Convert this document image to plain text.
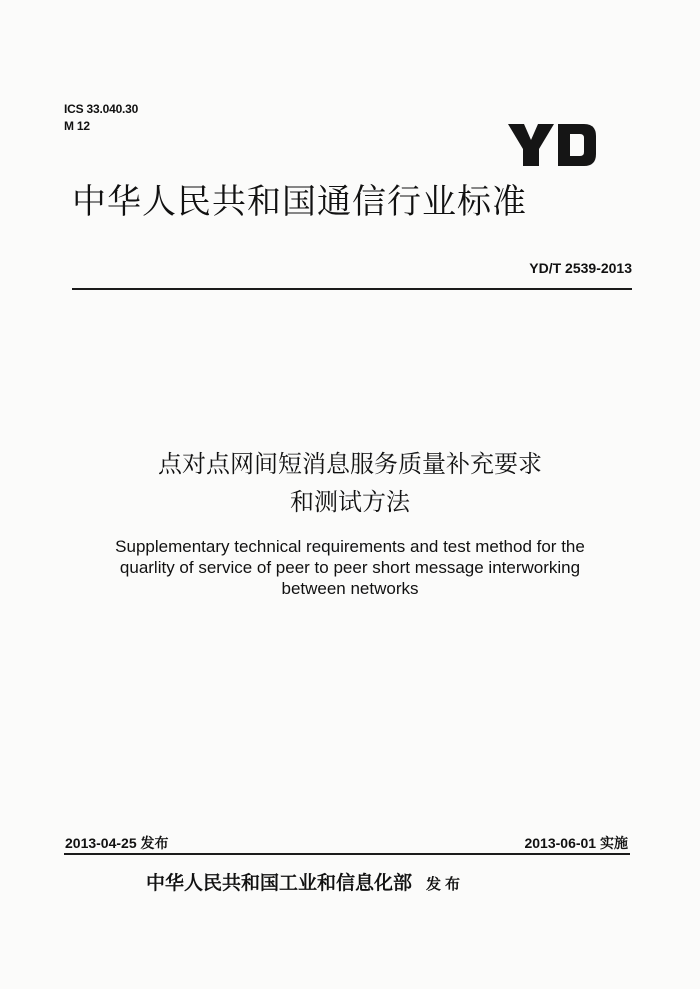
ICS 33.040.30
M 12
中华人民共和国通信行业标准
YD/T 2539-2013
点对点网间短消息服务质量补充要求
和测试方法
Supplementary technical requirements and test method for the
quarlity of service of peer to peer short message interworking
between networks
2013-04-25 发布	2013-06-01 实施
中华人民共和国工业和信息化部 发布
